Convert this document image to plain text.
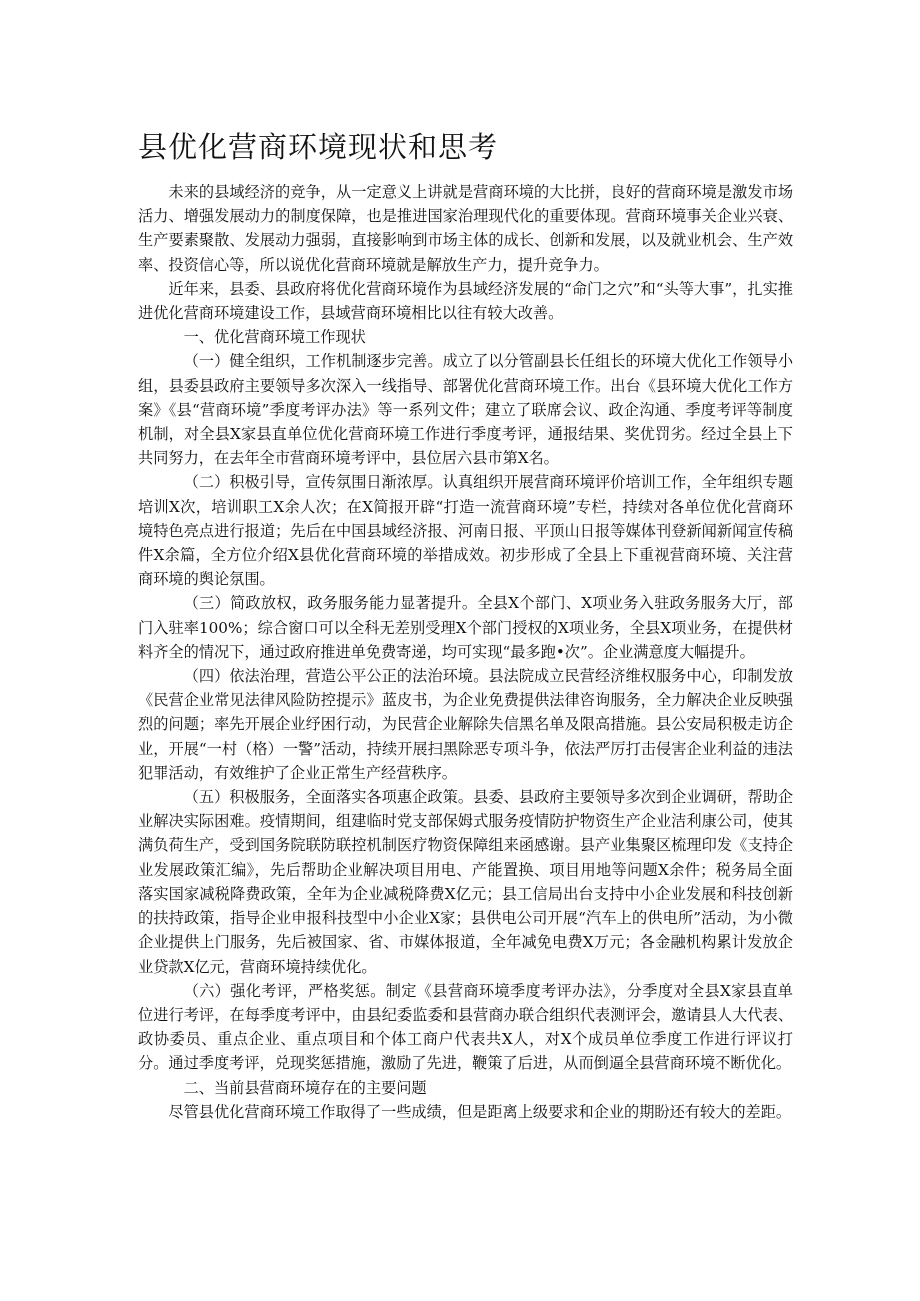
县优化营商环境现状和思考

未来的县域经济的竞争，从一定意义上讲就是营商环境的大比拼，良好的营商环境是激发市场活力、增强发展动力的制度保障，也是推进国家治理现代化的重要体现。营商环境事关企业兴衰、生产要素聚散、发展动力强弱，直接影响到市场主体的成长、创新和发展，以及就业机会、生产效率、投资信心等，所以说优化营商环境就是解放生产力，提升竞争力。

近年来，县委、县政府将优化营商环境作为县域经济发展的“命门之穴”和“头等大事”，扎实推进优化营商环境建设工作，县域营商环境相比以往有较大改善。

一、优化营商环境工作现状

（一）健全组织，工作机制逐步完善。成立了以分管副县长任组长的环境大优化工作领导小组，县委县政府主要领导多次深入一线指导、部署优化营商环境工作。出台《县环境大优化工作方案》《县“营商环境”季度考评办法》等一系列文件；建立了联席会议、政企沟通、季度考评等制度机制，对全县X家县直单位优化营商环境工作进行季度考评，通报结果、奖优罚劣。经过全县上下共同努力，在去年全市营商环境考评中，县位居六县市第X名。

（二）积极引导，宣传氛围日渐浓厚。认真组织开展营商环境评价培训工作，全年组织专题培训X次，培训职工X余人次；在X简报开辟“打造一流营商环境”专栏，持续对各单位优化营商环境特色亮点进行报道；先后在中国县域经济报、河南日报、平顶山日报等媒体刊登新闻新闻宣传稿件X余篇，全方位介绍X县优化营商环境的举措成效。初步形成了全县上下重视营商环境、关注营商环境的舆论氛围。

（三）简政放权，政务服务能力显著提升。全县X个部门、X项业务入驻政务服务大厅，部门入驻率100%；综合窗口可以全科无差别受理X个部门授权的X项业务，全县X项业务，在提供材料齐全的情况下，通过政府推进单免费寄递，均可实现“最多跑•次”。企业满意度大幅提升。

（四）依法治理，营造公平公正的法治环境。县法院成立民营经济维权服务中心，印制发放《民营企业常见法律风险防控提示》蓝皮书，为企业免费提供法律咨询服务，全力解决企业反映强烈的问题；率先开展企业纾困行动，为民营企业解除失信黑名单及限高措施。县公安局积极走访企业，开展“一村（格）一警”活动，持续开展扫黑除恶专项斗争，依法严厉打击侵害企业利益的违法犯罪活动，有效维护了企业正常生产经营秩序。

（五）积极服务，全面落实各项惠企政策。县委、县政府主要领导多次到企业调研，帮助企业解决实际困难。疫情期间，组建临时党支部保姆式服务疫情防护物资生产企业洁利康公司，使其满负荷生产，受到国务院联防联控机制医疗物资保障组来函感谢。县产业集聚区梳理印发《支持企业发展政策汇编》，先后帮助企业解决项目用电、产能置换、项目用地等问题X余件；税务局全面落实国家减税降费政策，全年为企业减税降费X亿元；县工信局出台支持中小企业发展和科技创新的扶持政策，指导企业申报科技型中小企业X家；县供电公司开展“汽车上的供电所”活动，为小微企业提供上门服务，先后被国家、省、市媒体报道，全年减免电费X万元；各金融机构累计发放企业贷款X亿元，营商环境持续优化。

（六）强化考评，严格奖惩。制定《县营商环境季度考评办法》，分季度对全县X家县直单位进行考评，在每季度考评中，由县纪委监委和县营商办联合组织代表测评会，邀请县人大代表、政协委员、重点企业、重点项目和个体工商户代表共X人，对X个成员单位季度工作进行评议打分。通过季度考评，兑现奖惩措施，激励了先进，鞭策了后进，从而倒逼全县营商环境不断优化。

二、当前县营商环境存在的主要问题

尽管县优化营商环境工作取得了一些成绩，但是距离上级要求和企业的期盼还有较大的差距。
